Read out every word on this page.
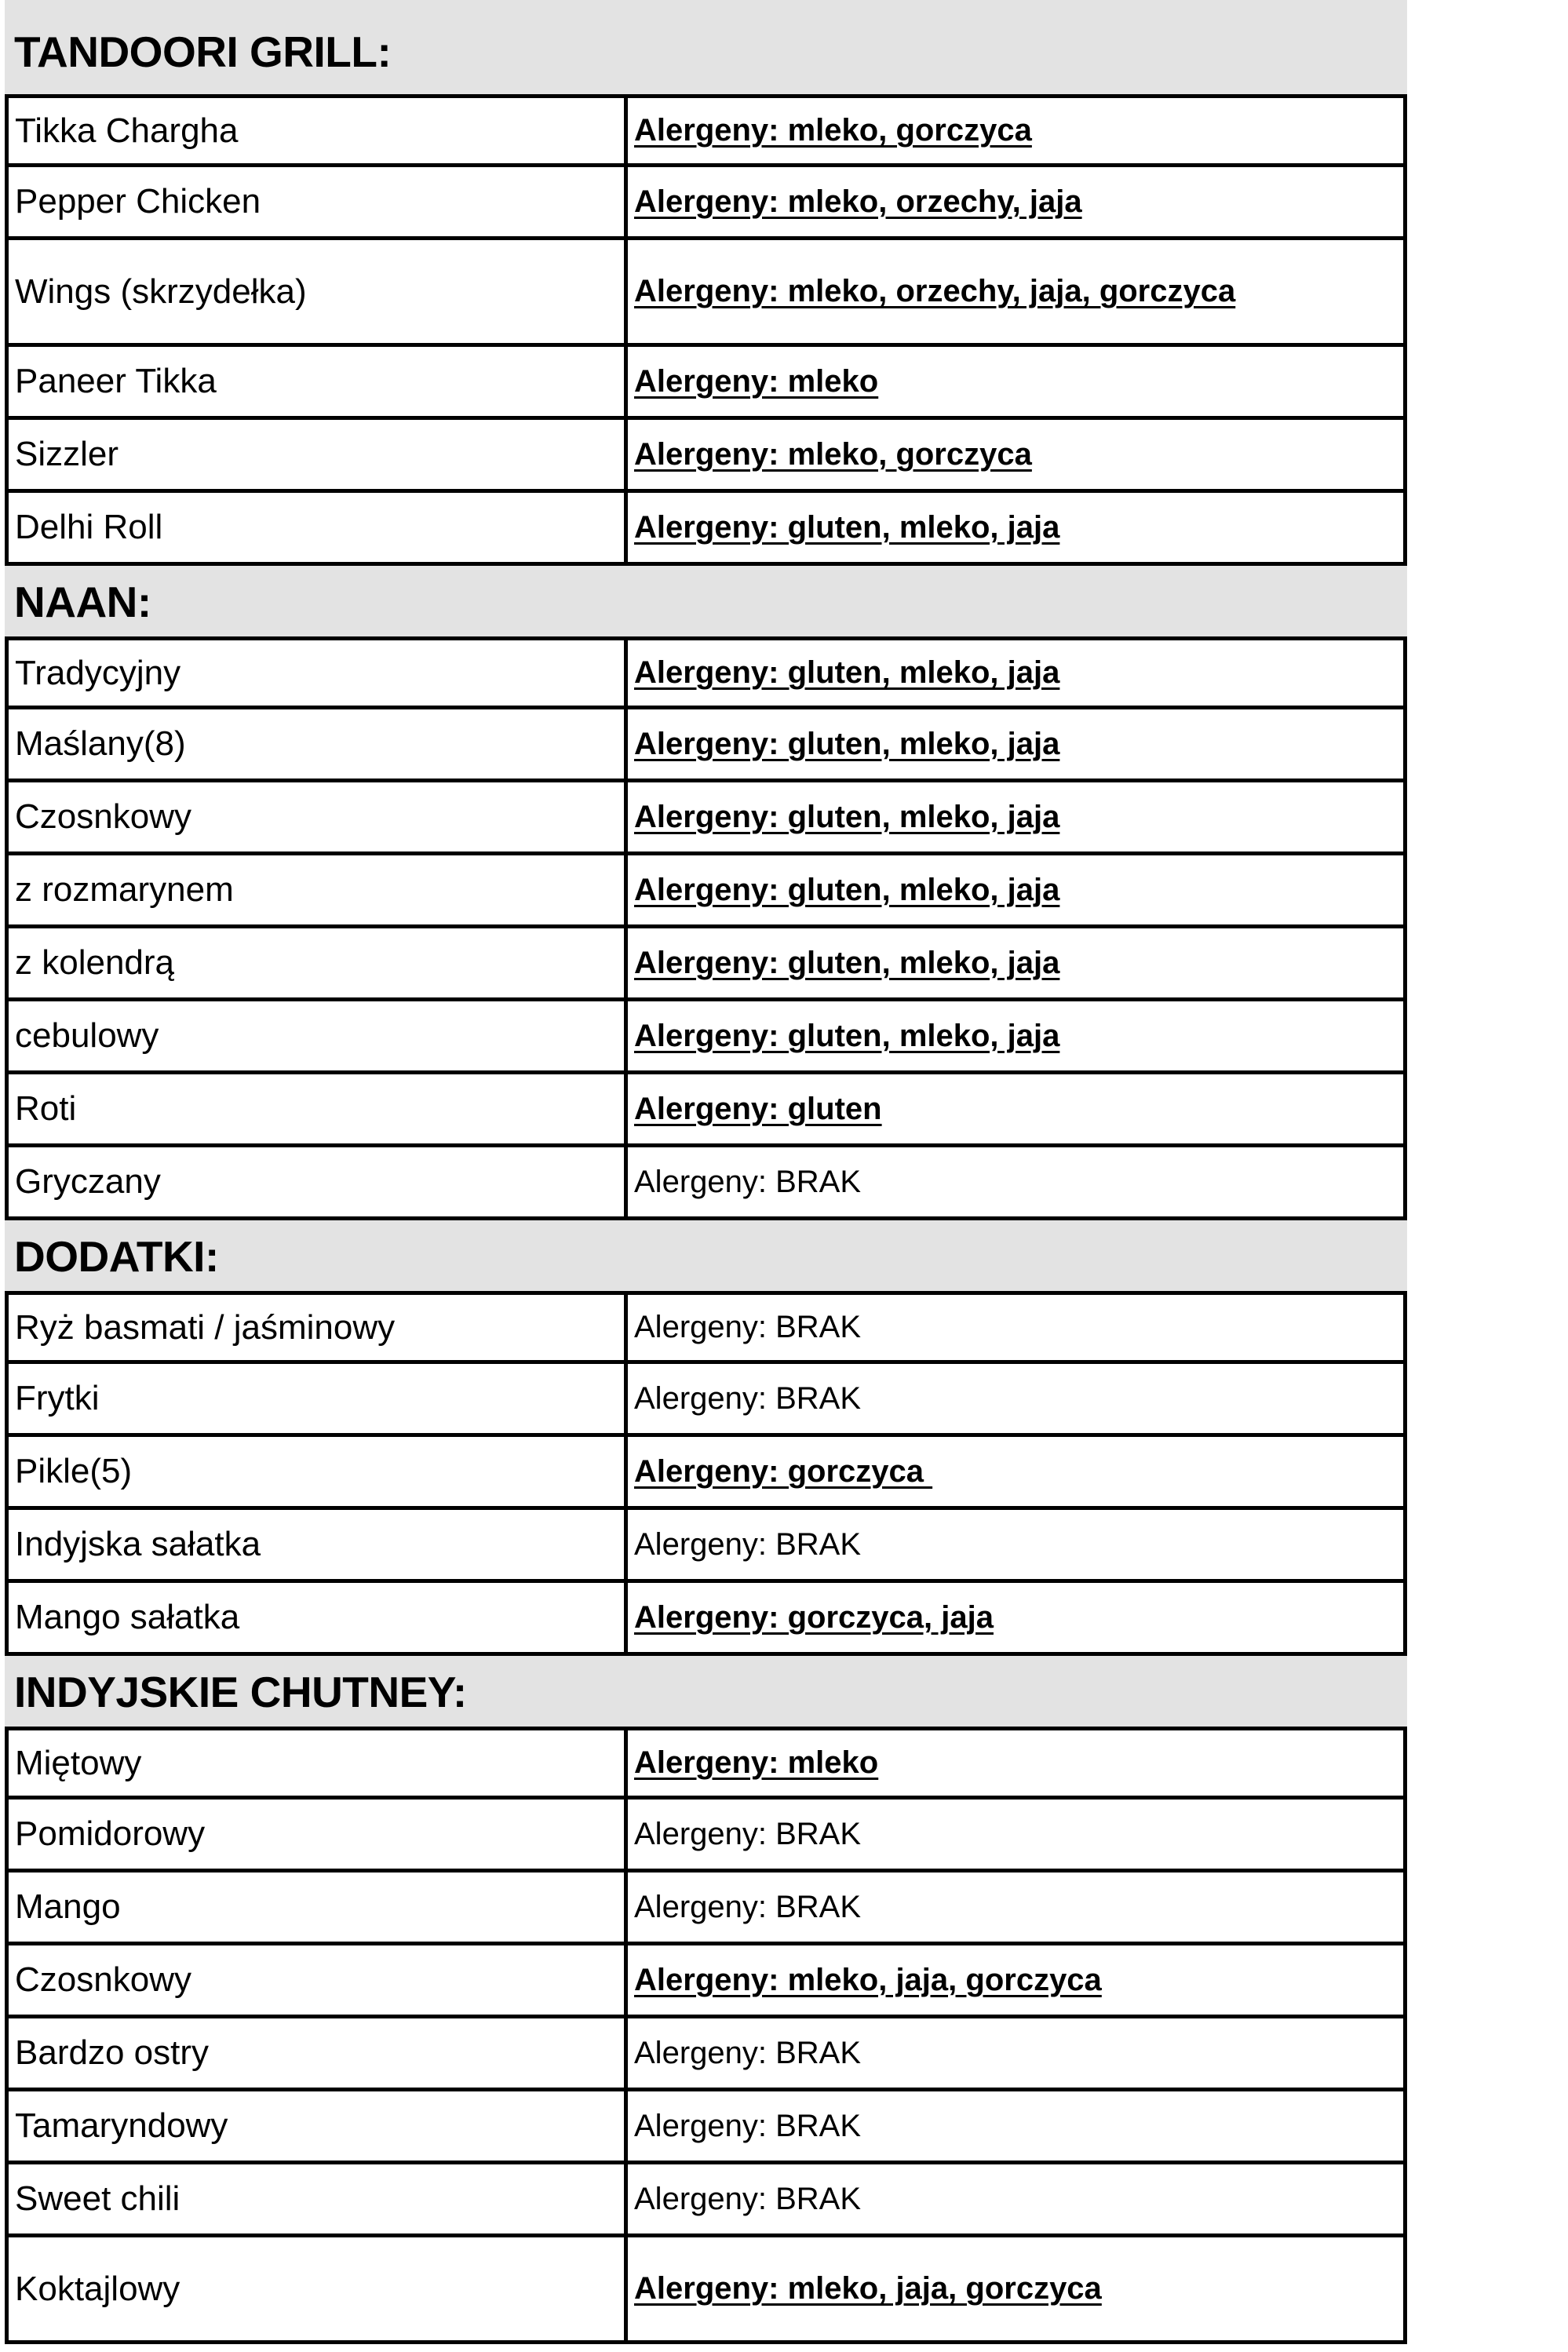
TANDOORI GRILL:
Tikka Chargha	Alergeny: mleko, gorczyca
Pepper Chicken	Alergeny: mleko, orzechy, jaja
Wings (skrzydełka)	Alergeny: mleko, orzechy, jaja, gorczyca
Paneer Tikka	Alergeny: mleko
Sizzler	Alergeny: mleko, gorczyca
Delhi Roll	Alergeny: gluten, mleko, jaja
NAAN:
Tradycyjny	Alergeny: gluten, mleko, jaja
Maślany(8)	Alergeny: gluten, mleko, jaja
Czosnkowy	Alergeny: gluten, mleko, jaja
z rozmarynem	Alergeny: gluten, mleko, jaja
z kolendrą	Alergeny: gluten, mleko, jaja
cebulowy	Alergeny: gluten, mleko, jaja
Roti	Alergeny: gluten
Gryczany	Alergeny: BRAK
DODATKI:
Ryż basmati / jaśminowy	Alergeny: BRAK
Frytki	Alergeny: BRAK
Pikle(5)	Alergeny: gorczyca
Indyjska sałatka	Alergeny: BRAK
Mango sałatka	Alergeny: gorczyca, jaja
INDYJSKIE CHUTNEY:
Miętowy	Alergeny: mleko
Pomidorowy	Alergeny: BRAK
Mango	Alergeny: BRAK
Czosnkowy	Alergeny: mleko, jaja, gorczyca
Bardzo ostry	Alergeny: BRAK
Tamaryndowy	Alergeny: BRAK
Sweet chili	Alergeny: BRAK
Koktajlowy	Alergeny: mleko, jaja, gorczyca
